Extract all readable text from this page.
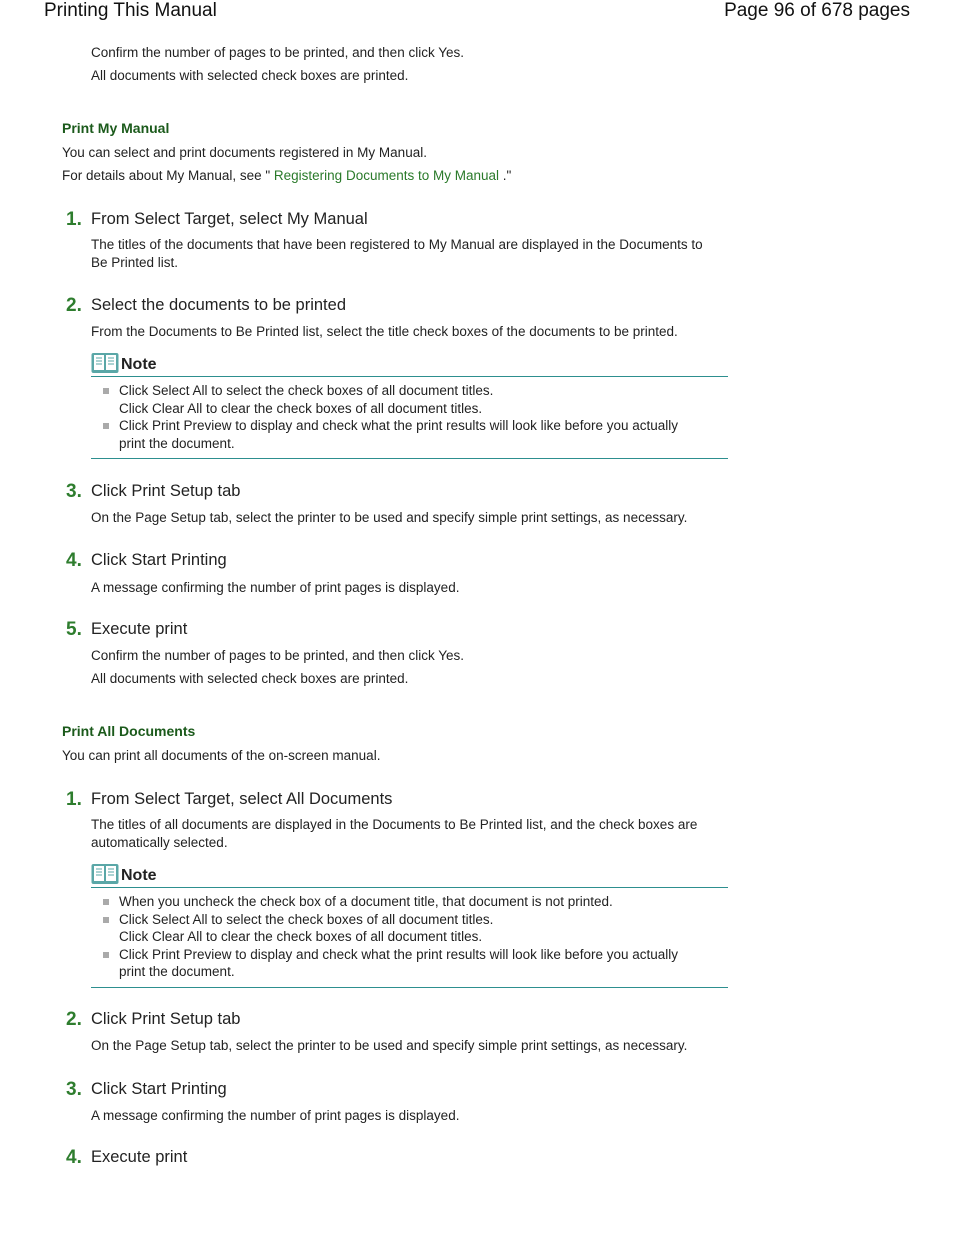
Printing This Manual	Page 96 of 678 pages
Confirm the number of pages to be printed, and then click Yes.
All documents with selected check boxes are printed.
Print My Manual
You can select and print documents registered in My Manual.
For details about My Manual, see " Registering Documents to My Manual ."
1. From Select Target, select My Manual
The titles of the documents that have been registered to My Manual are displayed in the Documents to Be Printed list.
2. Select the documents to be printed
From the Documents to Be Printed list, select the title check boxes of the documents to be printed.
Note
Click Select All to select the check boxes of all document titles.
Click Clear All to clear the check boxes of all document titles.
Click Print Preview to display and check what the print results will look like before you actually
print the document.
3. Click Print Setup tab
On the Page Setup tab, select the printer to be used and specify simple print settings, as necessary.
4. Click Start Printing
A message confirming the number of print pages is displayed.
5. Execute print
Confirm the number of pages to be printed, and then click Yes.
All documents with selected check boxes are printed.
Print All Documents
You can print all documents of the on-screen manual.
1. From Select Target, select All Documents
The titles of all documents are displayed in the Documents to Be Printed list, and the check boxes are automatically selected.
Note
When you uncheck the check box of a document title, that document is not printed.
Click Select All to select the check boxes of all document titles.
Click Clear All to clear the check boxes of all document titles.
Click Print Preview to display and check what the print results will look like before you actually
print the document.
2. Click Print Setup tab
On the Page Setup tab, select the printer to be used and specify simple print settings, as necessary.
3. Click Start Printing
A message confirming the number of print pages is displayed.
4. Execute print
